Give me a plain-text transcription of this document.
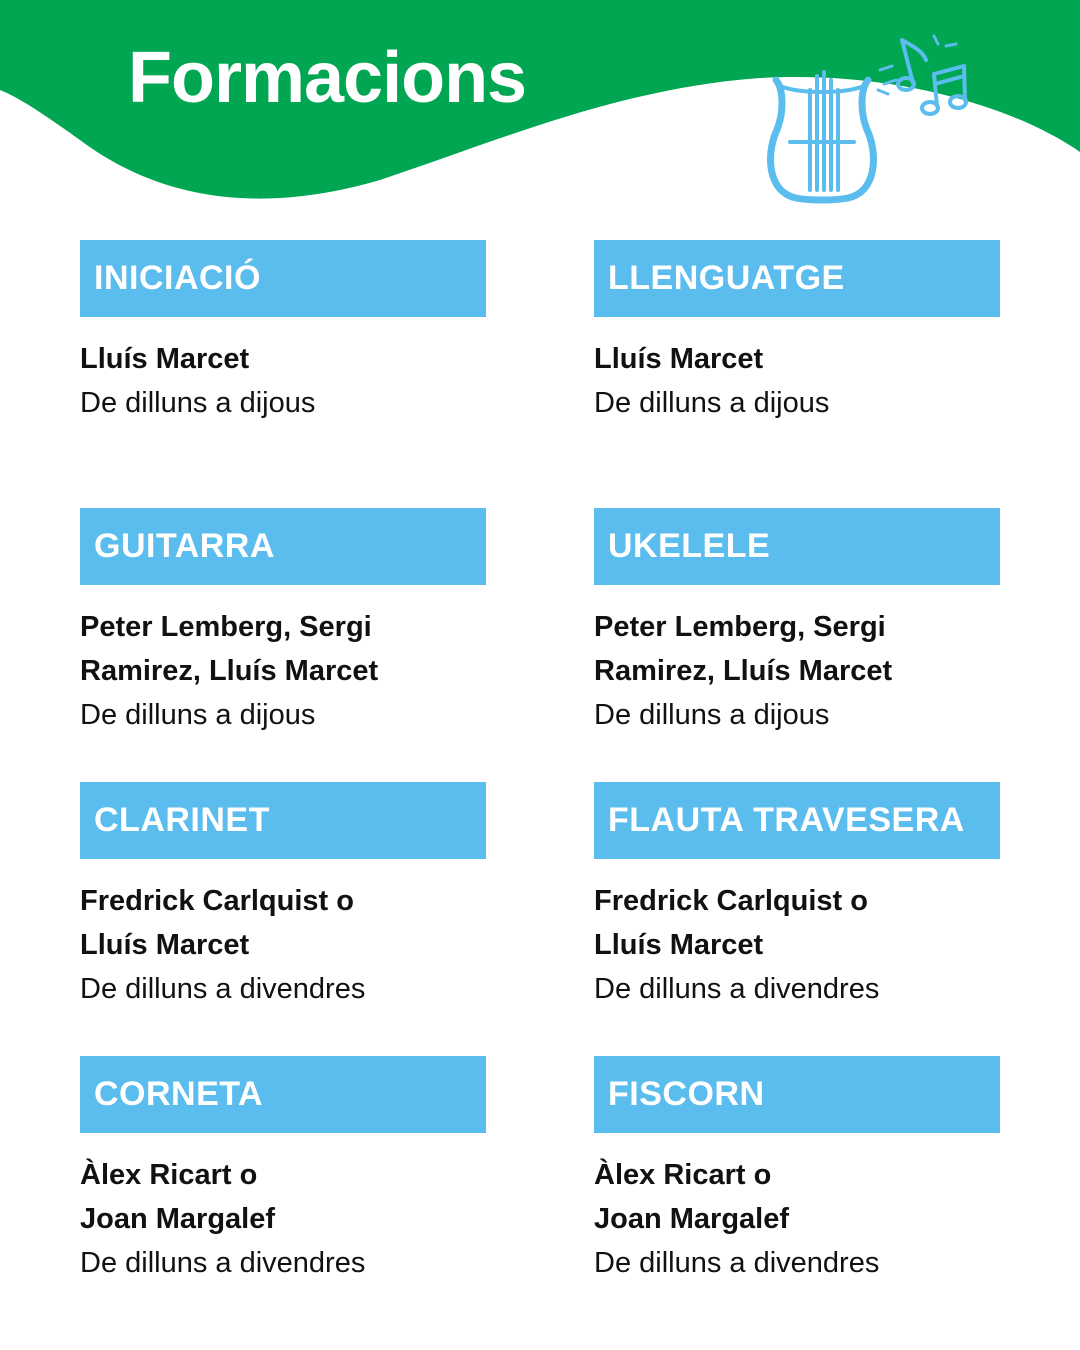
Formacions
INICIACIÓ
Lluís Marcet
De dilluns a dijous
LLENGUATGE
Lluís Marcet
De dilluns a dijous
GUITARRA
Peter Lemberg, Sergi
Ramirez, Lluís Marcet
De dilluns a dijous
UKELELE
Peter Lemberg, Sergi
Ramirez, Lluís Marcet
De dilluns a dijous
CLARINET
Fredrick Carlquist o
Lluís Marcet
De dilluns a divendres
FLAUTA TRAVESERA
Fredrick Carlquist o
Lluís Marcet
De dilluns a divendres
CORNETA
Àlex Ricart o
Joan Margalef
De dilluns a divendres
FISCORN
Àlex Ricart o
Joan Margalef
De dilluns a divendres
